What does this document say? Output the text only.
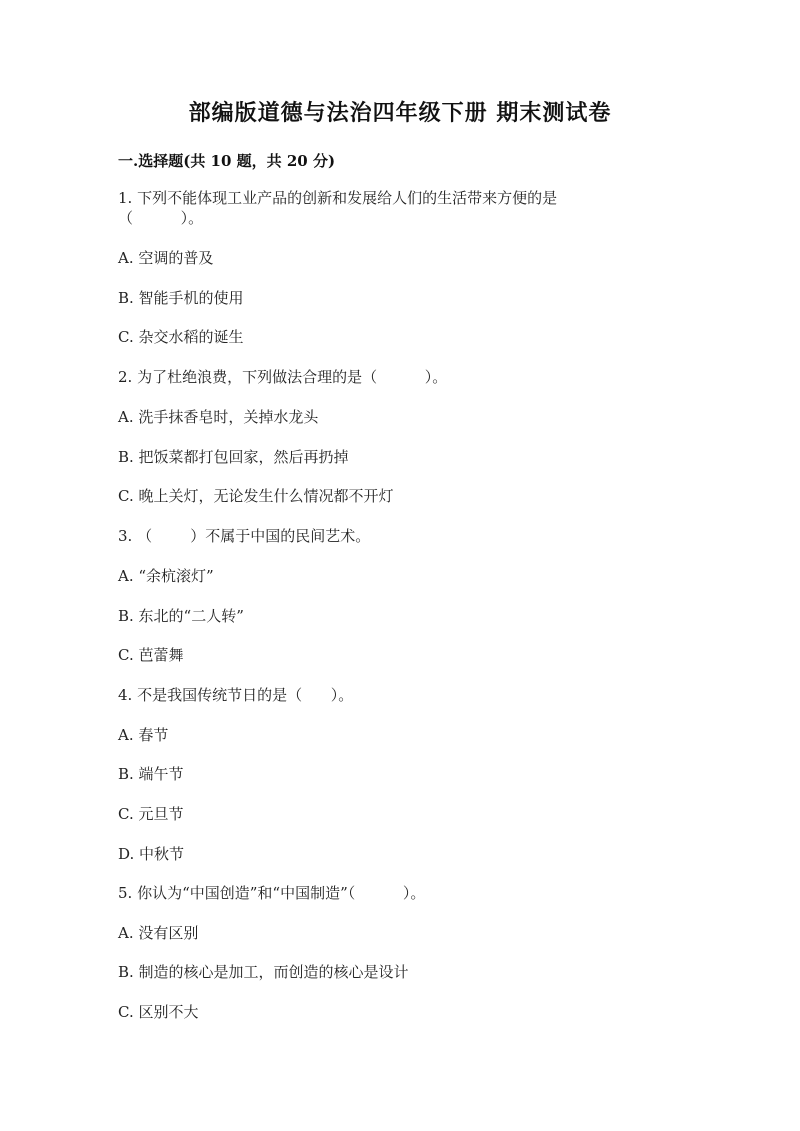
部编版道德与法治四年级下册 期末测试卷
一.选择题(共 10 题，共 20 分)
1. 下列不能体现工业产品的创新和发展给人们的生活带来方便的是
（          ）。
A. 空调的普及
B. 智能手机的使用
C. 杂交水稻的诞生
2. 为了杜绝浪费，下列做法合理的是（          ）。
A. 洗手抹香皂时，关掉水龙头
B. 把饭菜都打包回家，然后再扔掉
C. 晚上关灯，无论发生什么情况都不开灯
3. （        ）不属于中国的民间艺术。
A. “余杭滚灯”
B. 东北的“二人转”
C. 芭蕾舞
4. 不是我国传统节日的是（      ）。
A. 春节
B. 端午节
C. 元旦节
D. 中秋节
5. 你认为“中国创造”和“中国制造”（          ）。
A. 没有区别
B. 制造的核心是加工，而创造的核心是设计
C. 区别不大
